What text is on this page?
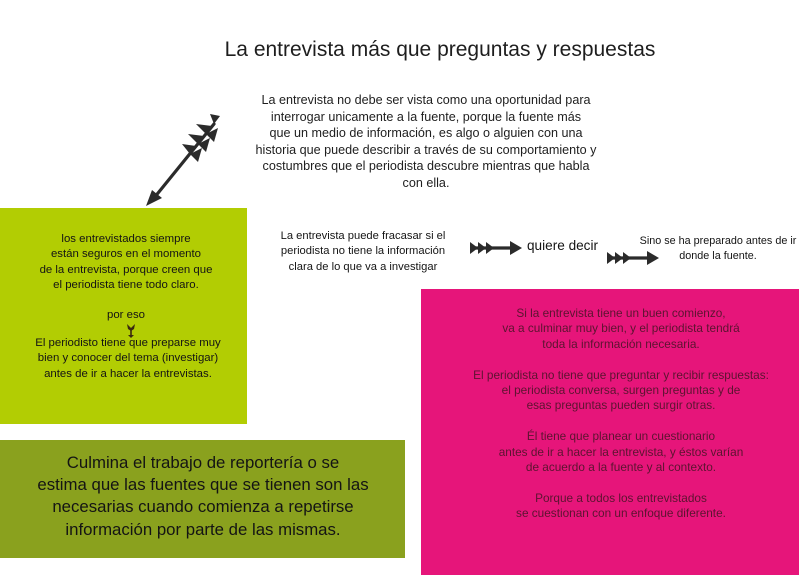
La entrevista más que preguntas y respuestas
La entrevista no debe ser vista como una oportunidad para
interrogar unicamente a la fuente, porque la fuente más
que un medio de información, es algo o alguien con una
historia que puede describir a través de su comportamiento y
costumbres que el periodista descubre mientras que habla
con ella.
los entrevistados siempre
están seguros en el momento
de la entrevista, porque creen que
el periodista tiene todo claro.
por eso
El periodisto tiene que preparse muy
bien y conocer del tema (investigar)
antes de ir a hacer la entrevistas.
Culmina el trabajo de reportería o se
estima que las fuentes que se tienen son las
necesarias cuando comienza a repetirse
información por parte de las mismas.
La entrevista puede fracasar si el
periodista no tiene la información
clara de lo que va a investigar
quiere decir	Sino se ha preparado antes de ir
donde la fuente.

Si la entrevista tiene un buen comienzo,
va a culminar muy bien, y el periodista tendrá
toda la información necesaria.

El periodista no tiene que preguntar y recibir respuestas:
el periodista conversa, surgen preguntas y de
esas preguntas pueden surgir otras.

Él tiene que planear un cuestionario
antes de ir a hacer la entrevista, y éstos varían
de acuerdo a la fuente y al contexto.

Porque a todos los entrevistados
se cuestionan con un enfoque diferente.
